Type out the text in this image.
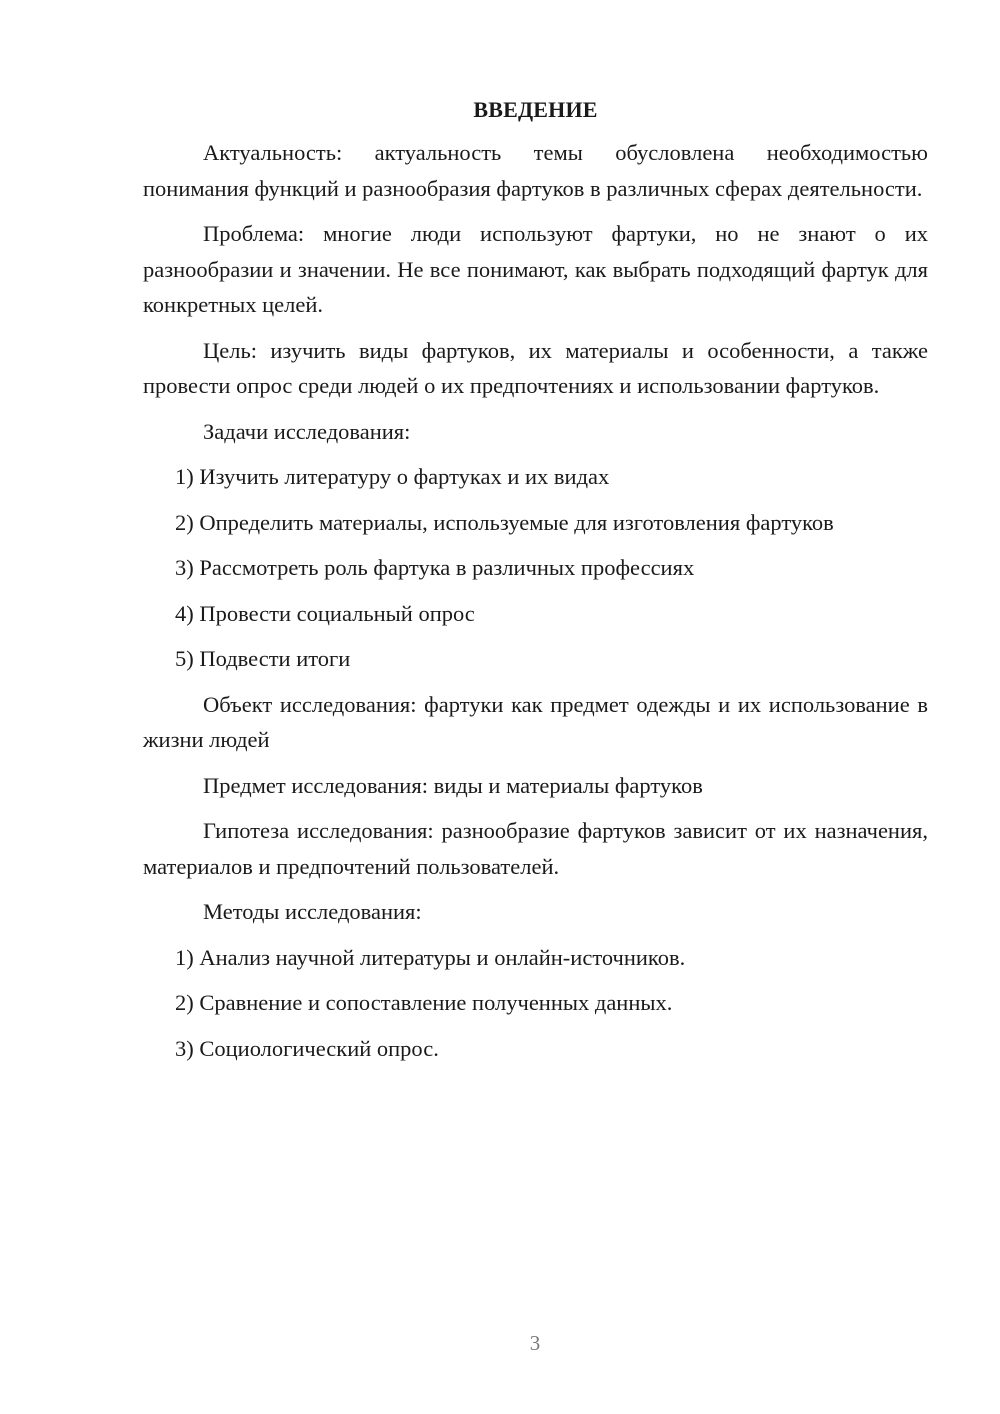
ВВЕДЕНИЕ

Актуальность: актуальность темы обусловлена необходимостью понимания функций и разнообразия фартуков в различных сферах деятельности.

Проблема: многие люди используют фартуки, но не знают о их разнообразии и значении. Не все понимают, как выбрать подходящий фартук для конкретных целей.

Цель: изучить виды фартуков, их материалы и особенности, а также провести опрос среди людей о их предпочтениях и использовании фартуков.

Задачи исследования:

1) Изучить литературу о фартуках и их видах

2) Определить материалы, используемые для изготовления фартуков

3) Рассмотреть роль фартука в различных профессиях

4) Провести социальный опрос

5) Подвести итоги

Объект исследования: фартуки как предмет одежды и их использование в жизни людей

Предмет исследования: виды и материалы фартуков

Гипотеза исследования: разнообразие фартуков зависит от их назначения, материалов и предпочтений пользователей.

Методы исследования:

1) Анализ научной литературы и онлайн-источников.

2) Сравнение и сопоставление полученных данных.

3) Социологический опрос.

3
